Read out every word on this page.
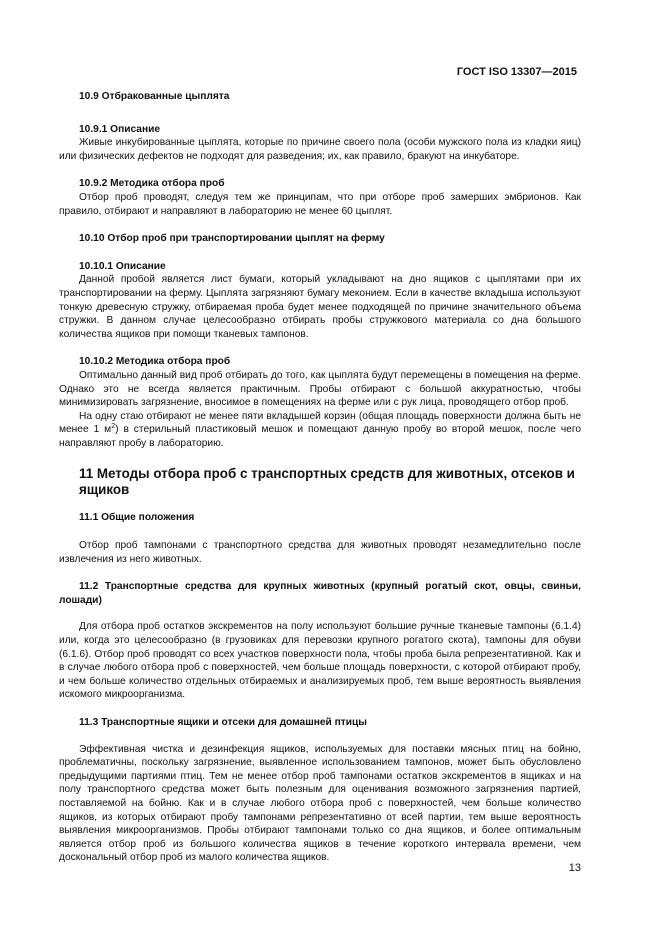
ГОСТ ISO 13307—2015
10.9 Отбракованные цыплята
10.9.1 Описание

Живые инкубированные цыплята, которые по причине своего пола (особи мужского пола из кладки яиц) или физических дефектов не подходят для разведения; их, как правило, бракуют на инкубаторе.

10.9.2 Методика отбора проб

Отбор проб проводят, следуя тем же принципам, что при отборе проб замерших эмбрионов. Как правило, отбирают и направляют в лабораторию не менее 60 цыплят.

10.10 Отбор проб при транспортировании цыплят на ферму
10.10.1 Описание

Данной пробой является лист бумаги, который укладывают на дно ящиков с цыплятами при их транспортировании на ферму. Цыплята загрязняют бумагу меконием. Если в качестве вкладыша используют тонкую древесную стружку, отбираемая проба будет менее подходящей по причине значительного объема стружки. В данном случае целесообразно отбирать пробы стружкового материала со дна большого количества ящиков при помощи тканевых тампонов.

10.10.2 Методика отбора проб

Оптимально данный вид проб отбирать до того, как цыплята будут перемещены в помещения на ферме. Однако это не всегда является практичным. Пробы отбирают с большой аккуратностью, чтобы минимизировать загрязнение, вносимое в помещениях на ферме или с рук лица, проводящего отбор проб.

На одну стаю отбирают не менее пяти вкладышей корзин (общая площадь поверхности должна быть не менее 1 $м^2$) в стерильный пластиковый мешок и помещают данную пробу во второй мешок, после чего направляют пробу в лабораторию.

11 Методы отбора проб с транспортных средств для животных, отсеков и ящиков
11.1 Общие положения

Отбор проб тампонами с транспортного средства для животных проводят незамедлительно после извлечения из него животных.

11.2 Транспортные средства для крупных животных (крупный рогатый скот, овцы, свиньи, лошади)

Для отбора проб остатков экскрементов на полу используют большие ручные тканевые тампоны (6.1.4) или, когда это целесообразно (в грузовиках для перевозки крупного рогатого скота), тампоны для обуви (6.1.6). Отбор проб проводят со всех участков поверхности пола, чтобы проба была репрезентативной. Как и в случае любого отбора проб с поверхностей, чем больше площадь поверхности, с которой отбирают пробу, и чем больше количество отдельных отбираемых и анализируемых проб, тем выше вероятность выявления искомого микроорганизма.

11.3 Транспортные ящики и отсеки для домашней птицы

Эффективная чистка и дезинфекция ящиков, используемых для поставки мясных птиц на бойню, проблематичны, поскольку загрязнение, выявленное использованием тампонов, может быть обусловлено предыдущими партиями птиц. Тем не менее отбор проб тампонами остатков экскрементов в ящиках и на полу транспортного средства может быть полезным для оценивания возможного загрязнения партией, поставляемой на бойню. Как и в случае любого отбора проб с поверхностей, чем больше количество ящиков, из которых отбирают пробу тампонами репрезентативно от всей партии, тем выше вероятность выявления микроорганизмов. Пробы отбирают тампонами только со дна ящиков, и более оптимальным является отбор проб из большого количества ящиков в течение короткого интервала времени, чем доскональный отбор проб из малого количества ящиков.

13
